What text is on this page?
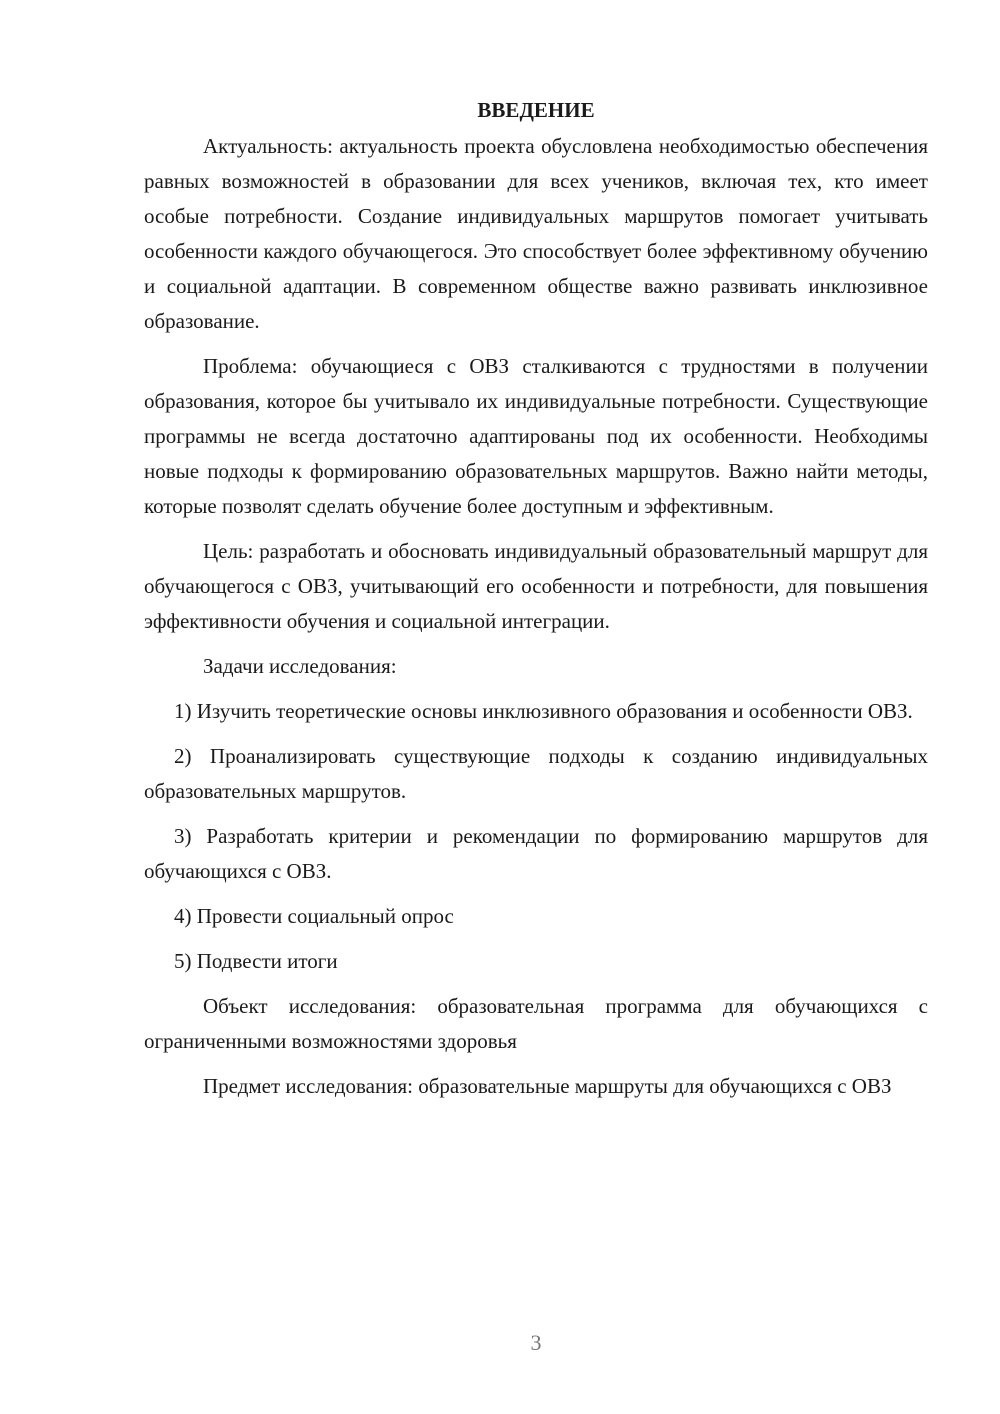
ВВЕДЕНИЕ

Актуальность: актуальность проекта обусловлена необходимостью обеспечения равных возможностей в образовании для всех учеников, включая тех, кто имеет особые потребности. Создание индивидуальных маршрутов помогает учитывать особенности каждого обучающегося. Это способствует более эффективному обучению и социальной адаптации. В современном обществе важно развивать инклюзивное образование.

Проблема: обучающиеся с ОВЗ сталкиваются с трудностями в получении образования, которое бы учитывало их индивидуальные потребности. Существующие программы не всегда достаточно адаптированы под их особенности. Необходимы новые подходы к формированию образовательных маршрутов. Важно найти методы, которые позволят сделать обучение более доступным и эффективным.

Цель: разработать и обосновать индивидуальный образовательный маршрут для обучающегося с ОВЗ, учитывающий его особенности и потребности, для повышения эффективности обучения и социальной интеграции.

Задачи исследования:

1) Изучить теоретические основы инклюзивного образования и особенности ОВЗ.

2) Проанализировать существующие подходы к созданию индивидуальных образовательных маршрутов.

3) Разработать критерии и рекомендации по формированию маршрутов для обучающихся с ОВЗ.

4) Провести социальный опрос

5) Подвести итоги

Объект исследования: образовательная программа для обучающихся с ограниченными возможностями здоровья

Предмет исследования: образовательные маршруты для обучающихся с ОВЗ

3
